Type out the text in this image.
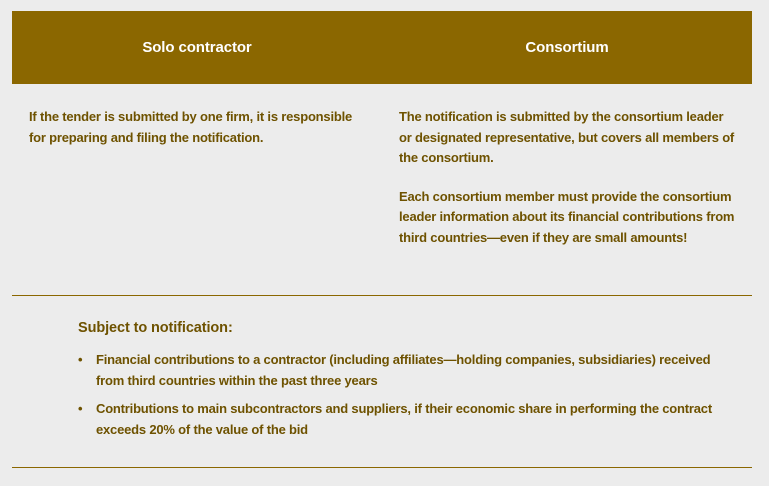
Solo contractor	Consortium

If the tender is submitted by one firm, it is responsible for preparing and filing the notification.

The notification is submitted by the consortium leader or designated representative, but covers all members of the consortium.

Each consortium member must provide the consortium leader information about its financial contributions from third countries—even if they are small amounts!

Subject to notification:
• Financial contributions to a contractor (including affiliates—holding companies, subsidiaries) received from third countries within the past three years
• Contributions to main subcontractors and suppliers, if their economic share in performing the contract exceeds 20% of the value of the bid
